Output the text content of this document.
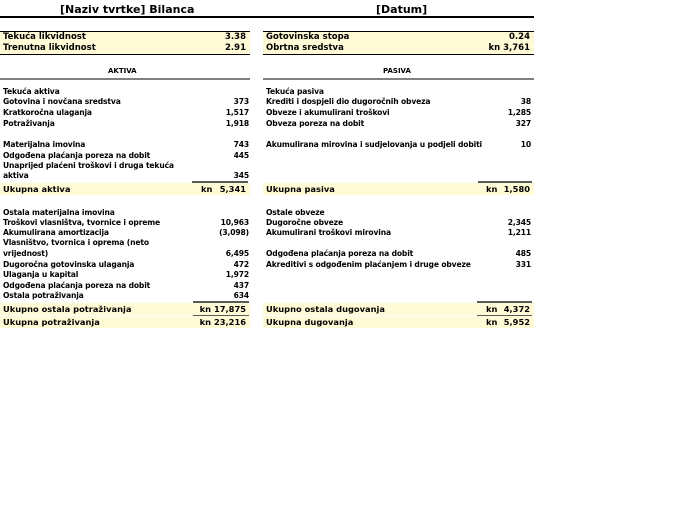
[Naziv tvrtke] Bilanca	[Datum]
Tekuća likvidnost	3.38
Trenutna likvidnost	2.91
Gotovinska stopa	0.24
Obrtna sredstva	kn 3,761
AKTIVA	PASIVA
Tekuća aktiva
Gotovina i novčana sredstva	373
Kratkoročna ulaganja	1,517
Potraživanja	1,918
Materijalna imovina	743
Odgođena plaćanja poreza na dobit	445
Unaprijed plaćeni troškovi i druga tekuća
aktiva	345
Ukupna aktiva	kn 5,341
Tekuća pasiva
Krediti i dospjeli dio dugoročnih obveza	38
Obveze i akumulirani troškovi	1,285
Obveza poreza na dobit	327
Akumulirana mirovina i sudjelovanja u podjeli dobiti	10
Ukupna pasiva	kn 1,580
Ostala materijalna imovina
Troškovi vlasništva, tvornice i opreme	10,963
Akumulirana amortizacija	(3,098)
Vlasništvo, tvornica i oprema (neto
vrijednost)	6,495
Dugoročna gotovinska ulaganja	472
Ulaganja u kapital	1,972
Odgođena plaćanja poreza na dobit	437
Ostala potraživanja	634
Ukupno ostala potraživanja	kn 17,875
Ukupna potraživanja	kn 23,216
Ostale obveze
Dugoročne obveze	2,345
Akumulirani troškovi mirovina	1,211
Odgođena plaćanja poreza na dobit	485
Akreditivi s odgođenim plaćanjem i druge obveze	331
Ukupno ostala dugovanja	kn 4,372
Ukupna dugovanja	kn 5,952
